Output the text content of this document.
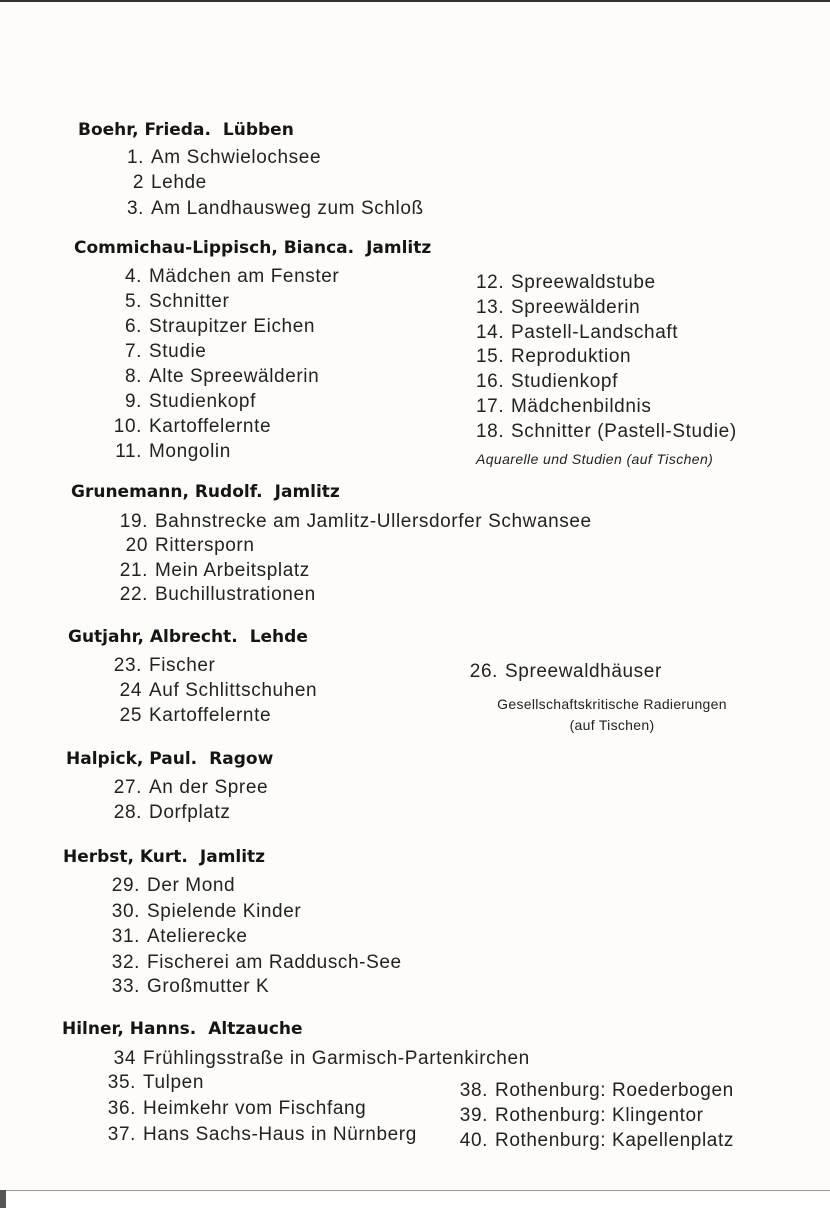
Boehr, Frieda. Lübben
1. Am Schwielochsee
2 Lehde
3. Am Landhausweg zum Schloß
Commichau-Lippisch, Bianca. Jamlitz
4. Mädchen am Fenster
5. Schnitter
6. Straupitzer Eichen
7. Studie
8. Alte Spreewälderin
9. Studienkopf
10. Kartoffelernte
11. Mongolin
12. Spreewaldstube
13. Spreewälderin
14. Pastell-Landschaft
15. Reproduktion
16. Studienkopf
17. Mädchenbildnis
18. Schnitter (Pastell-Studie)
Aquarelle und Studien (auf Tischen)
Grunemann, Rudolf. Jamlitz
19. Bahnstrecke am Jamlitz-Ullersdorfer Schwansee
20 Rittersporn
21. Mein Arbeitsplatz
22. Buchillustrationen
Gutjahr, Albrecht. Lehde
23. Fischer
24 Auf Schlittschuhen
25 Kartoffelernte
26. Spreewaldhäuser
Gesellschaftskritische Radierungen
(auf Tischen)
Halpick, Paul. Ragow
27. An der Spree
28. Dorfplatz
Herbst, Kurt. Jamlitz
29. Der Mond
30. Spielende Kinder
31. Atelierecke
32. Fischerei am Raddusch-See
33. Großmutter K
Hilner, Hanns. Altzauche
34 Frühlingsstraße in Garmisch-Partenkirchen
35. Tulpen
36. Heimkehr vom Fischfang
37. Hans Sachs-Haus in Nürnberg
38. Rothenburg: Roederbogen
39. Rothenburg: Klingentor
40. Rothenburg: Kapellenplatz
